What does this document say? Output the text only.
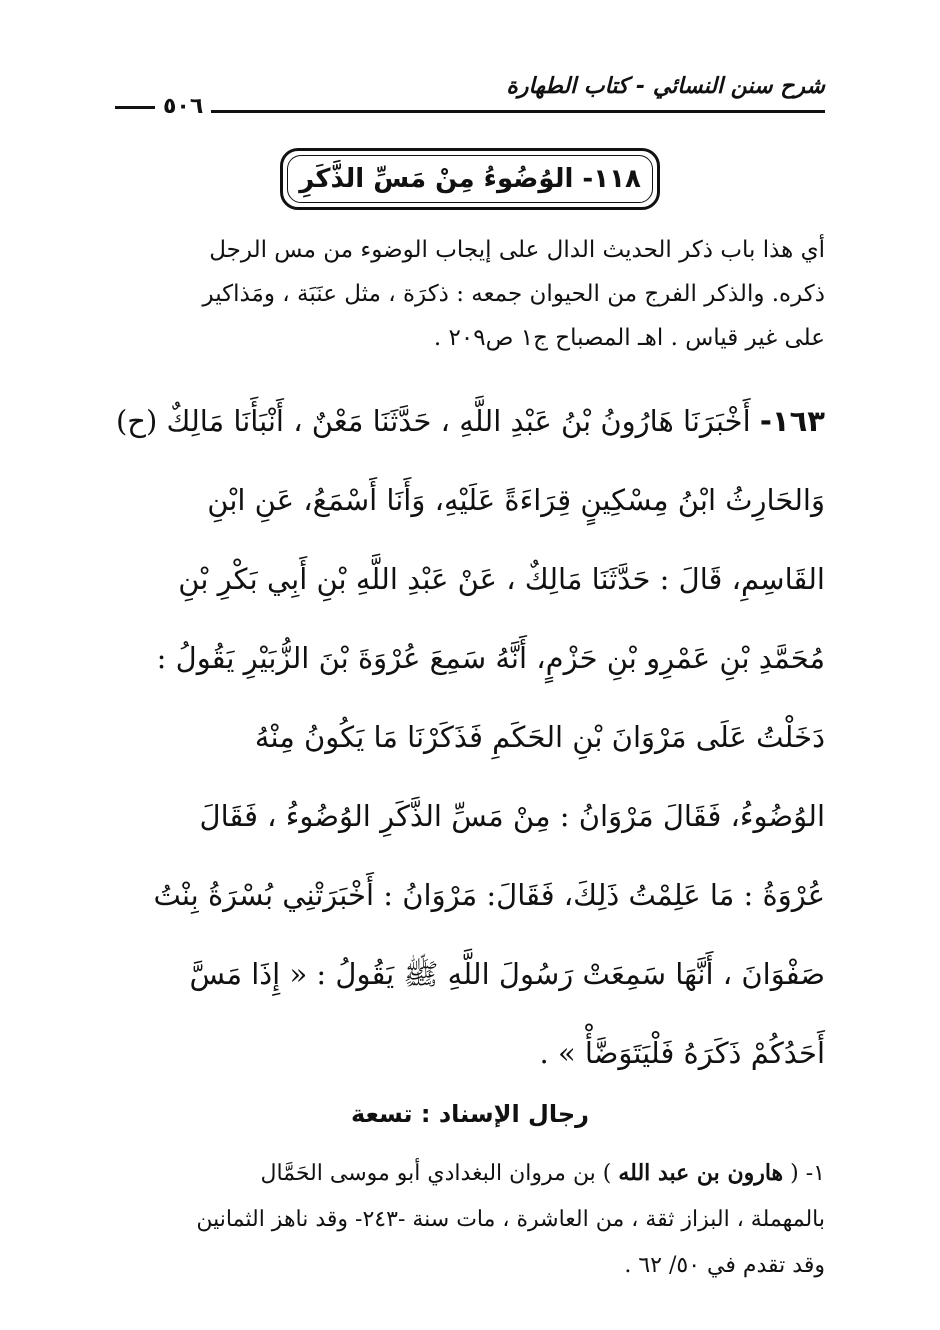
شرح سنن النسائي - كتاب الطهارة
٥٠٦
١١٨- الوُضُوءُ مِنْ مَسِّ الذَّكَرِ

أي هذا باب ذكر الحديث الدال على إيجاب الوضوء من مس الرجل

ذكره. والذكر الفرج من الحيوان جمعه : ذكرَة ، مثل عنَبَة ، ومَذاكير

على غير قياس . اهـ المصباح ج١ ص٢٠٩ .

١٦٣- أَخْبَرَنَا هَارُونُ بْنُ عَبْدِ اللَّهِ ، حَدَّثَنَا مَعْنٌ ، أَنْبَأَنَا مَالِكٌ (ح)

وَالحَارِثُ ابْنُ مِسْكِينٍ قِرَاءَةً عَلَيْهِ، وَأَنَا أَسْمَعُ، عَنِ ابْنِ

القَاسِمِ، قَالَ : حَدَّثَنَا مَالِكٌ ، عَنْ عَبْدِ اللَّهِ بْنِ أَبِي بَكْرِ بْنِ

مُحَمَّدِ بْنِ عَمْرِو بْنِ حَزْمٍ، أَنَّهُ سَمِعَ عُرْوَةَ بْنَ الزُّبَيْرِ يَقُولُ :

دَخَلْتُ عَلَى مَرْوَانَ بْنِ الحَكَمِ فَذَكَرْنَا مَا يَكُونُ مِنْهُ

الوُضُوءُ، فَقَالَ مَرْوَانُ : مِنْ مَسِّ الذَّكَرِ الوُضُوءُ ، فَقَالَ

عُرْوَةُ : مَا عَلِمْتُ ذَلِكَ، فَقَالَ: مَرْوَانُ : أَخْبَرَتْنِي بُسْرَةُ بِنْتُ

صَفْوَانَ ، أَنَّهَا سَمِعَتْ رَسُولَ اللَّهِ ﷺ يَقُولُ : « إِذَا مَسَّ

أَحَدُكُمْ ذَكَرَهُ فَلْيَتَوَضَّأْ » .

رجال الإسناد : تسعة

١- ( هارون بن عبد الله ) بن مروان البغدادي أبو موسى الحَمَّال

بالمهملة ، البزاز ثقة ، من العاشرة ، مات سنة -٢٤٣- وقد ناهز الثمانين

وقد تقدم في ٥٠/ ٦٢ .
